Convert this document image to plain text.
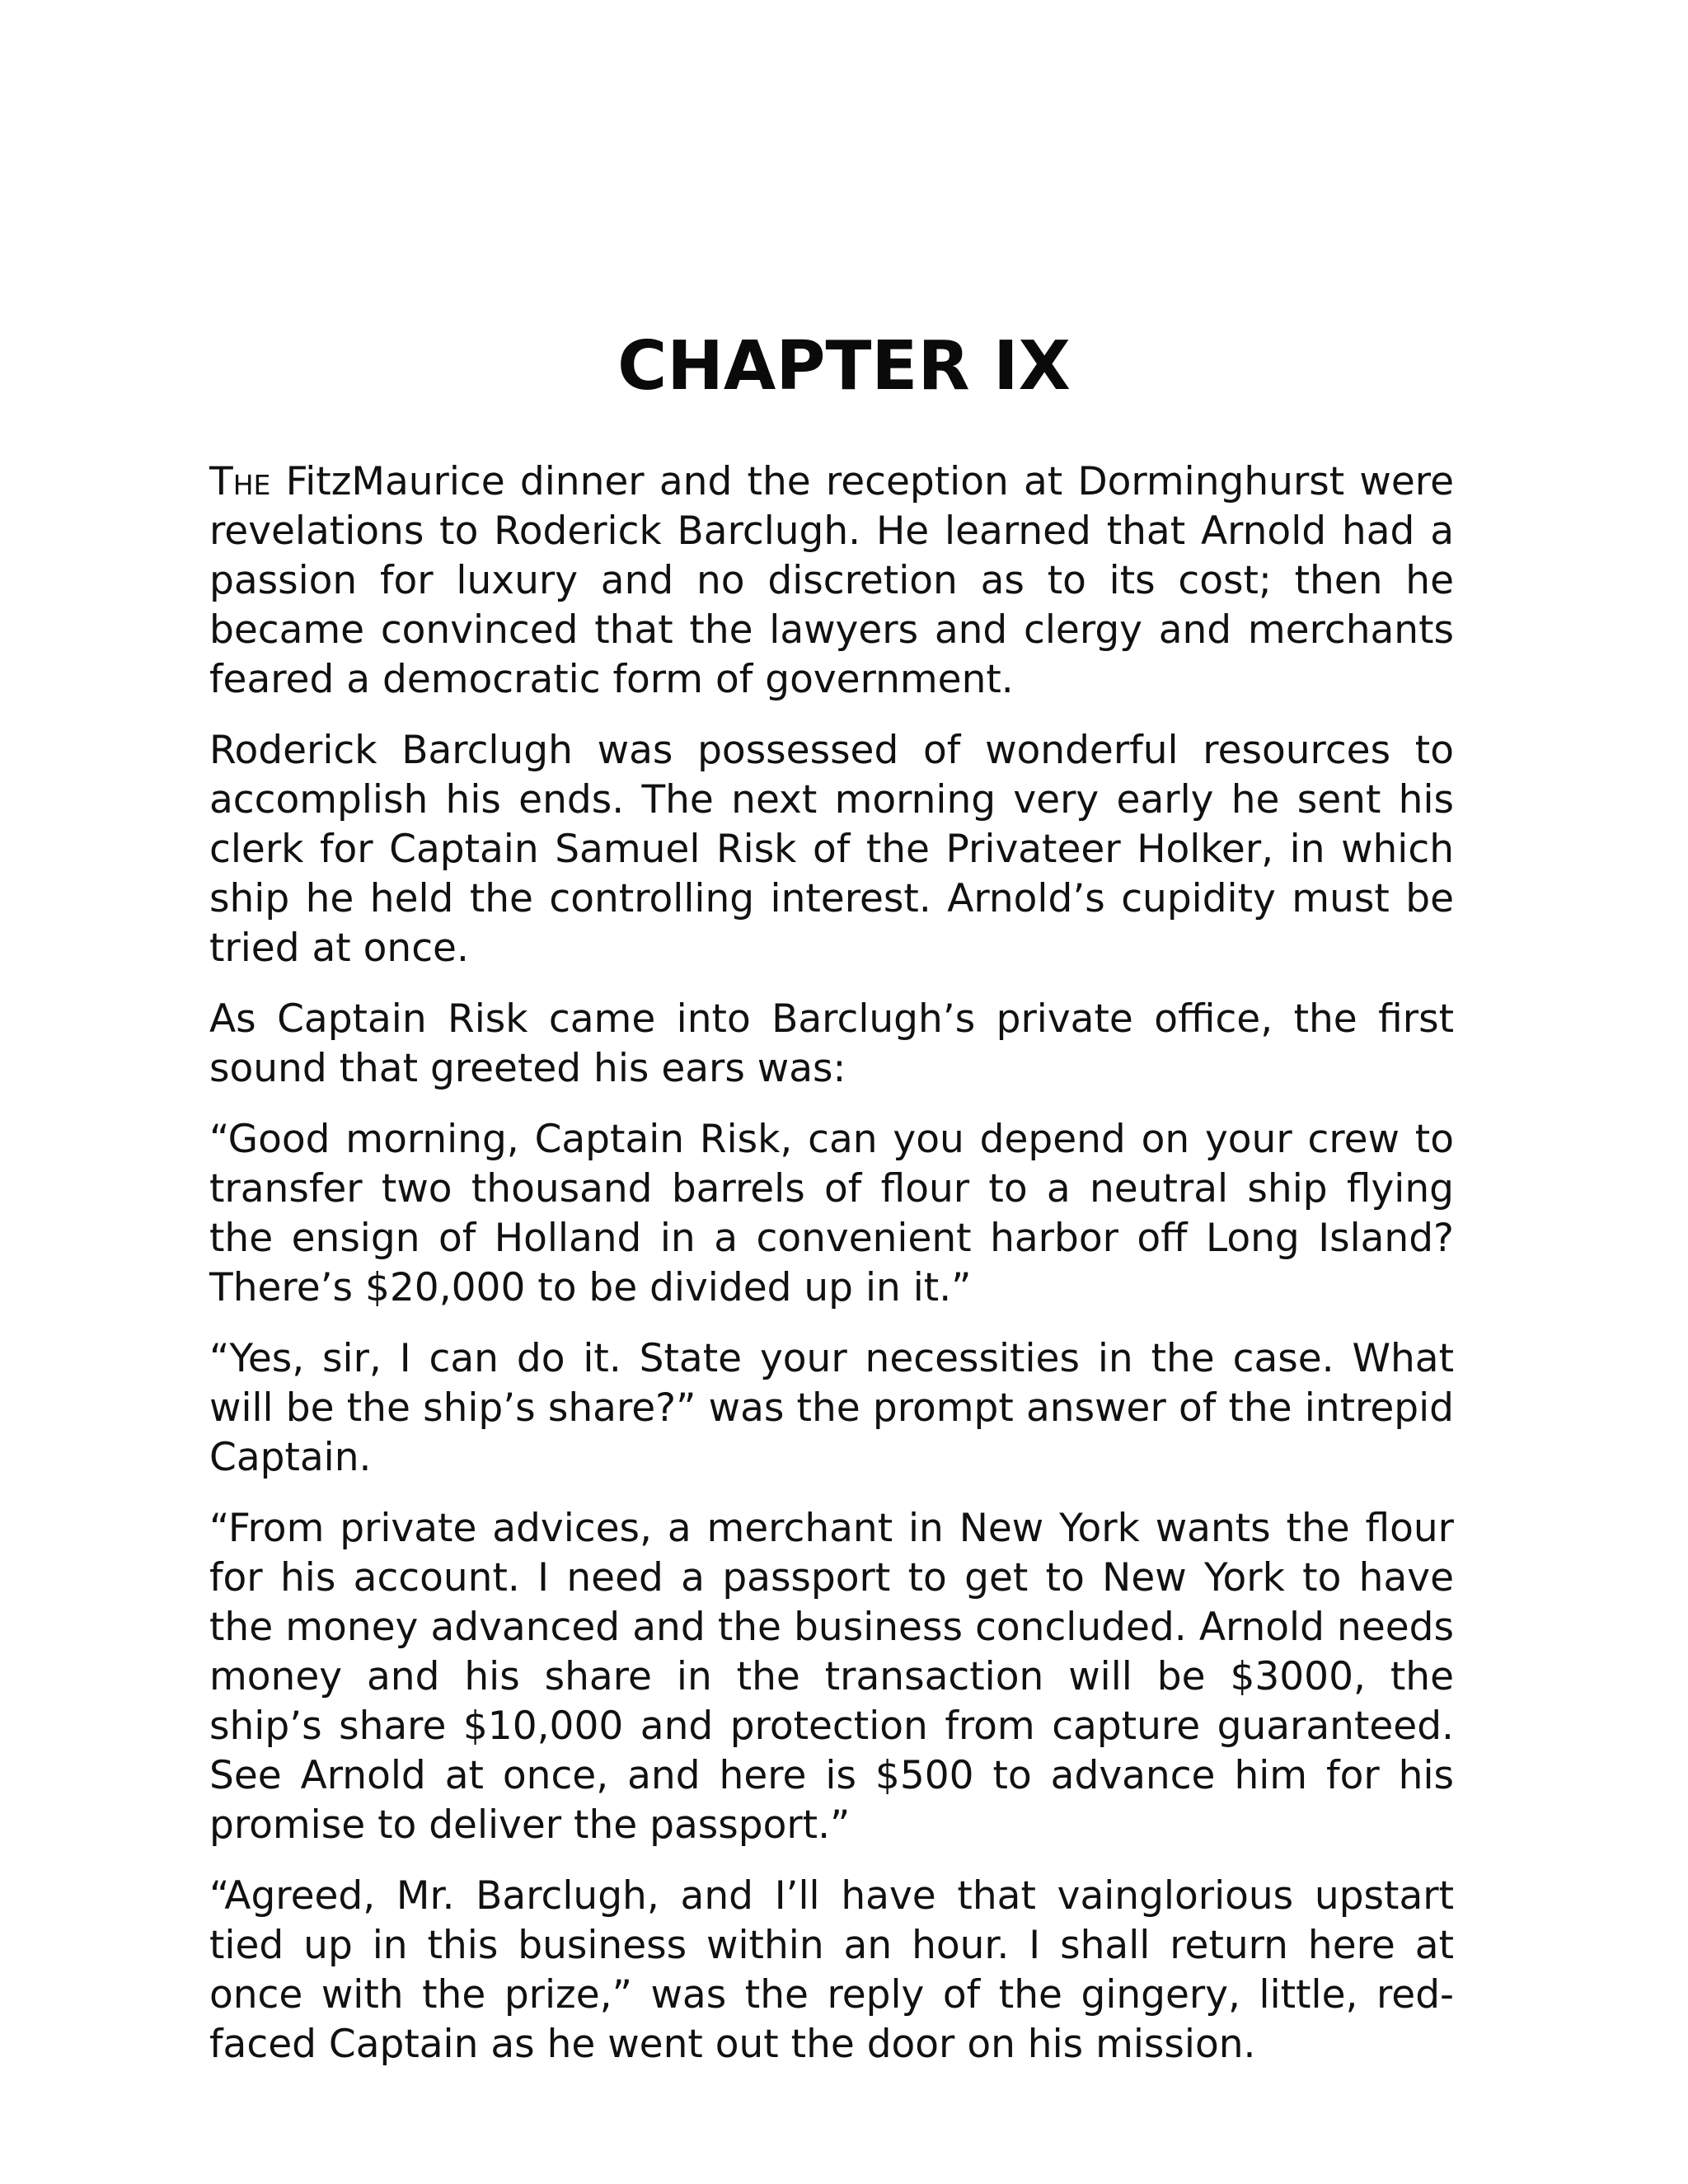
CHAPTER IX

The FitzMaurice dinner and the reception at Dorminghurst were revelations to Roderick Barclugh. He learned that Arnold had a passion for luxury and no discretion as to its cost; then he became convinced that the lawyers and clergy and merchants feared a democratic form of government.

Roderick Barclugh was possessed of wonderful resources to accomplish his ends. The next morning very early he sent his clerk for Captain Samuel Risk of the Privateer Holker, in which ship he held the controlling interest. Arnold’s cupidity must be tried at once.

As Captain Risk came into Barclugh’s private office, the first sound that greeted his ears was:

“Good morning, Captain Risk, can you depend on your crew to transfer two thousand barrels of flour to a neutral ship flying the ensign of Holland in a convenient harbor off Long Island? There’s $20,000 to be divided up in it.”

“Yes, sir, I can do it. State your necessities in the case. What will be the ship’s share?” was the prompt answer of the intrepid Captain.

“From private advices, a merchant in New York wants the flour for his account. I need a passport to get to New York to have the money advanced and the business concluded. Arnold needs money and his share in the transaction will be $3000, the ship’s share $10,000 and protection from capture guaranteed. See Arnold at once, and here is $500 to advance him for his promise to deliver the passport.”

“Agreed, Mr. Barclugh, and I’ll have that vainglorious upstart tied up in this business within an hour. I shall return here at once with the prize,” was the reply of the gingery, little, red-faced Captain as he went out the door on his mission.
